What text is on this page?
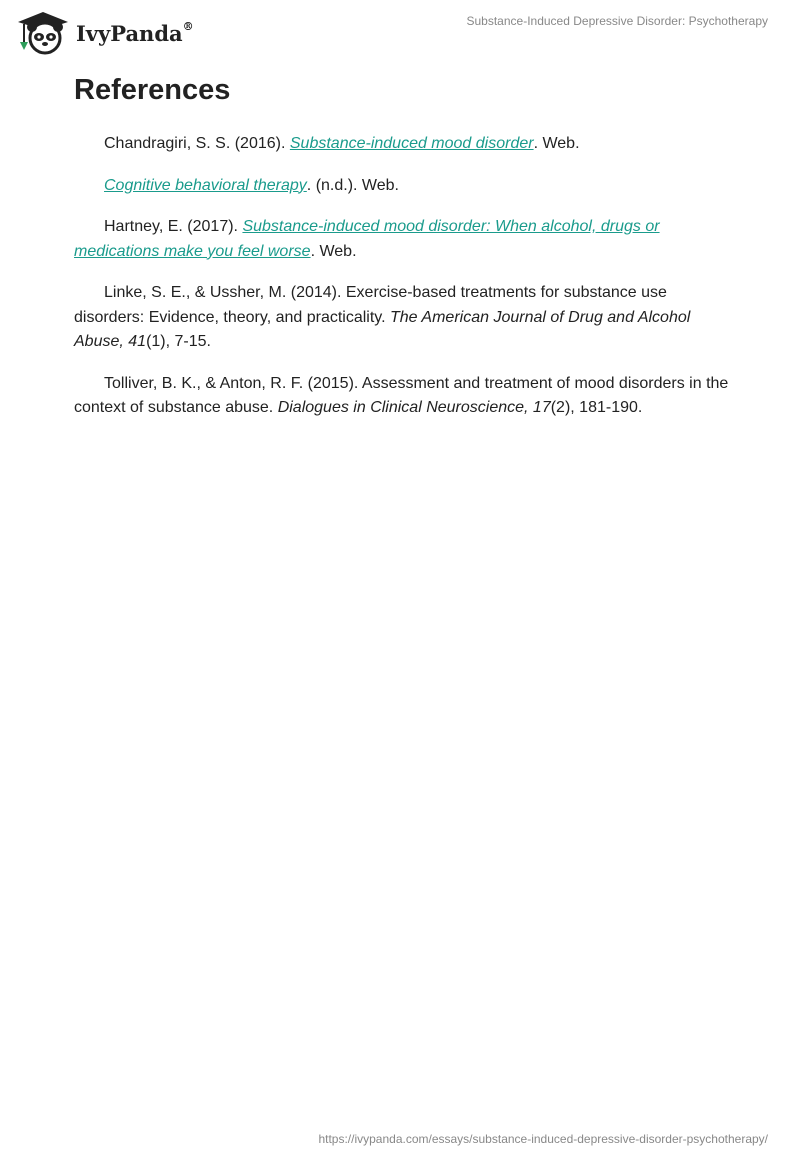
IvyPanda®	Substance-Induced Depressive Disorder: Psychotherapy
References

Chandragiri, S. S. (2016). Substance-induced mood disorder. Web.

Cognitive behavioral therapy. (n.d.). Web.

Hartney, E. (2017). Substance-induced mood disorder: When alcohol, drugs or medications make you feel worse. Web.

Linke, S. E., & Ussher, M. (2014). Exercise-based treatments for substance use disorders: Evidence, theory, and practicality. The American Journal of Drug and Alcohol Abuse, 41(1), 7-15.

Tolliver, B. K., & Anton, R. F. (2015). Assessment and treatment of mood disorders in the context of substance abuse. Dialogues in Clinical Neuroscience, 17(2), 181-190.

https://ivypanda.com/essays/substance-induced-depressive-disorder-psychotherapy/
